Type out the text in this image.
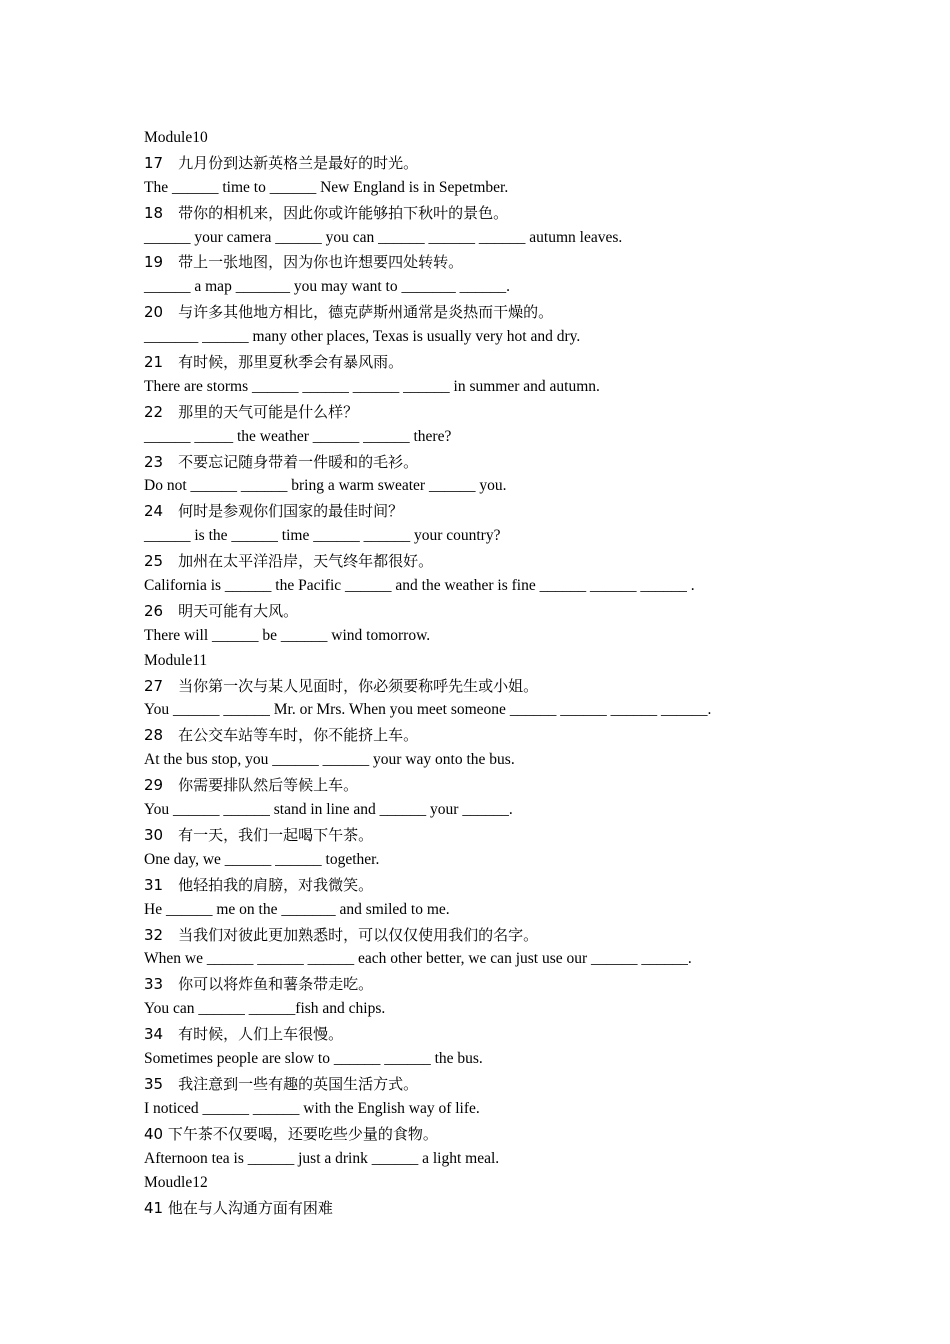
Module10
17　九月份到达新英格兰是最好的时光。
The ______ time to ______ New England is in Sepetmber.
18　带你的相机来，因此你或许能够拍下秋叶的景色。
______ your camera ______ you can ______ ______ ______ autumn leaves.
19　带上一张地图，因为你也许想要四处转转。
______ a map _______ you may want to _______ ______.
20　与许多其他地方相比，德克萨斯州通常是炎热而干燥的。
_______ ______ many other places, Texas is usually very hot and dry.
21　有时候，那里夏秋季会有暴风雨。
There are storms ______ ______ ______ ______ in summer and autumn.
22　那里的天气可能是什么样？
______ _____ the weather ______ ______ there?
23　不要忘记随身带着一件暖和的毛衫。
Do not ______ ______ bring a warm sweater ______ you.
24　何时是参观你们国家的最佳时间？
______ is the ______ time ______ ______ your country?
25　加州在太平洋沿岸，天气终年都很好。
California is ______ the Pacific ______ and the weather is fine ______ ______ ______ .
26　明天可能有大风。
There will ______ be ______ wind tomorrow.
Module11
27　当你第一次与某人见面时，你必须要称呼先生或小姐。
You ______ ______ Mr. or Mrs. When you meet someone ______ ______ ______ ______.
28　在公交车站等车时，你不能挤上车。
At the bus stop, you ______ ______ your way onto the bus.
29　你需要排队然后等候上车。
You ______ ______ stand in line and ______ your ______.
30　有一天，我们一起喝下午茶。
One day, we ______ ______ together.
31　他轻拍我的肩膀，对我微笑。
He ______ me on the _______ and smiled to me.
32　当我们对彼此更加熟悉时，可以仅仅使用我们的名字。
When we ______ ______ ______ each other better, we can just use our ______ ______.
33　你可以将炸鱼和薯条带走吃。
You can ______ ______fish and chips.
34　有时候，人们上车很慢。
Sometimes people are slow to ______ ______ the bus.
35　我注意到一些有趣的英国生活方式。
I noticed ______ ______ with the English way of life.
40 下午茶不仅要喝，还要吃些少量的食物。
Afternoon tea is ______ just a drink ______ a light meal.
Moudle12
41 他在与人沟通方面有困难
